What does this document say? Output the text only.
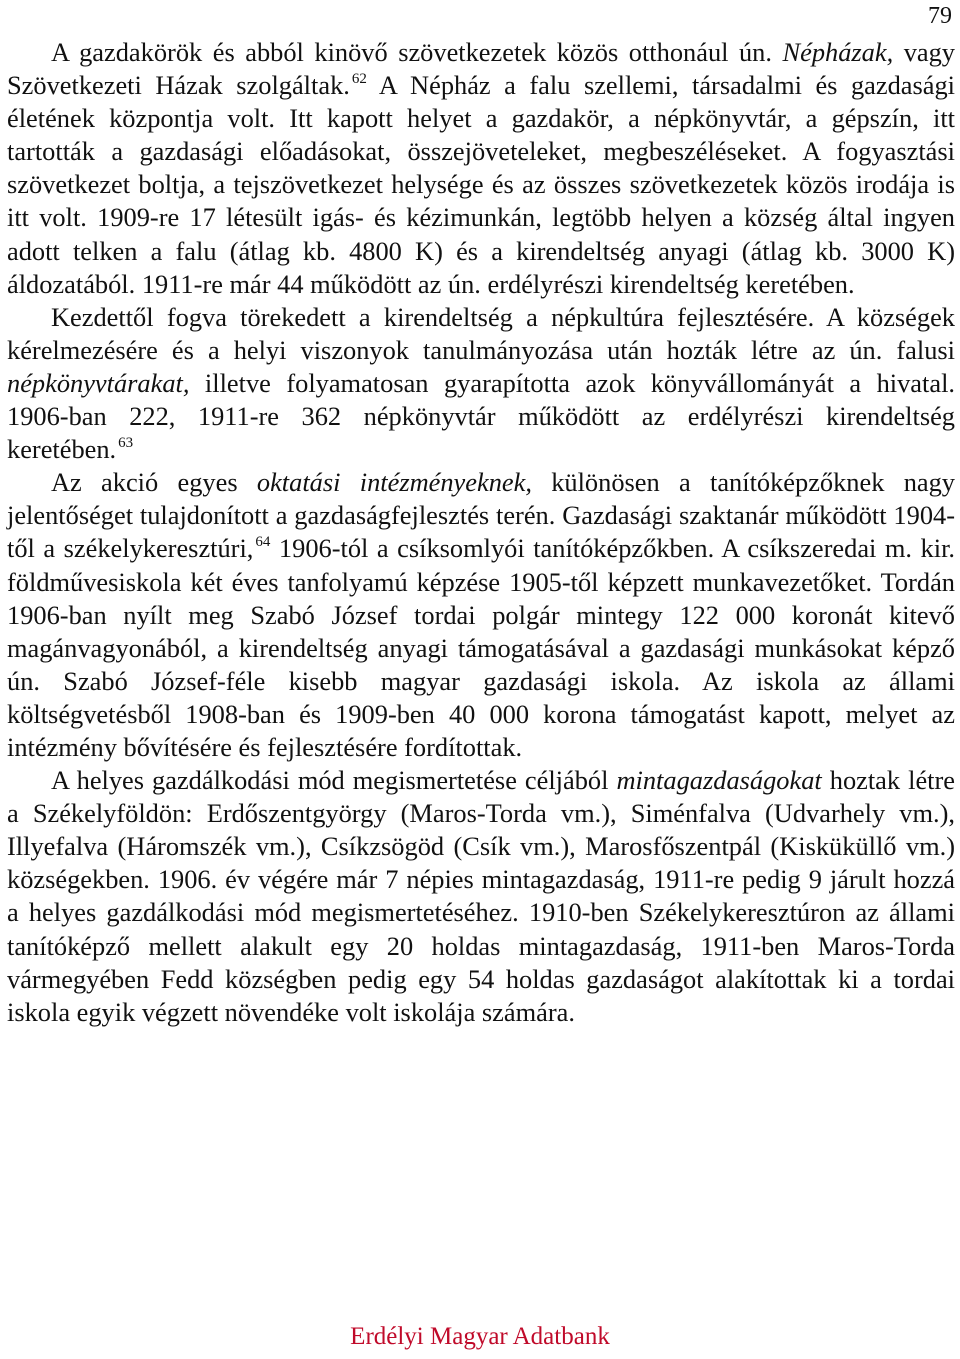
79

A gazdakörök és abból kinövő szövetkezetek közös otthonául ún. Népházak, vagy Szövetkezeti Házak szolgáltak. $^{62}$ A Népház a falu szellemi, társadalmi és gazdasági életének központja volt. Itt kapott helyet a gazdakör, a népkönyvtár, a gépszín, itt tartották a gazdasági előadásokat, összejöveteleket, megbeszéléseket. A fogyasztási szövetkezet boltja, a tejszövetkezet helysége és az összes szövetkezetek közös irodája is itt volt. 1909-re 17 létesült igás- és kézimunkán, legtöbb helyen a község által ingyen adott telken a falu (átlag kb. 4800 K) és a kirendeltség anyagi (átlag kb. 3000 K) áldozatából. 1911-re már 44 működött az ún. erdélyrészi kirendeltség keretében.

Kezdettől fogva törekedett a kirendeltség a népkultúra fejlesztésére. A községek kérelmezésére és a helyi viszonyok tanulmányozása után hozták létre az ún. falusi népkönyvtárakat, illetve folyamatosan gyarapította azok könyvállományát a hivatal. 1906-ban 222, 1911-re 362 népkönyvtár működött az erdélyrészi kirendeltség keretében. $^{63}$

Az akció egyes oktatási intézményeknek, különösen a tanítóképzőknek nagy jelentőséget tulajdonított a gazdaságfejlesztés terén. Gazdasági szaktanár működött 1904-től a székelykeresztúri, $^{64}$ 1906-tól a csíksomlyói tanítóképzőkben. A csíkszeredai m. kir. földművesiskola két éves tanfolyamú képzése 1905-től képzett munkavezetőket. Tordán 1906-ban nyílt meg Szabó József tordai polgár mintegy 122 000 koronát kitevő magánvagyonából, a kirendeltség anyagi támogatásával a gazdasági munkásokat képző ún. Szabó József-féle kisebb magyar gazdasági iskola. Az iskola az állami költségvetésből 1908-ban és 1909-ben 40 000 korona támogatást kapott, melyet az intézmény bővítésére és fejlesztésére fordítottak.

A helyes gazdálkodási mód megismertetése céljából mintagazdaságokat hoztak létre a Székelyföldön: Erdőszentgyörgy (Maros-Torda vm.), Siménfalva (Udvarhely vm.), Illyefalva (Háromszék vm.), Csíkzsögöd (Csík vm.), Marosfőszentpál (Kisküküllő vm.) községekben. 1906. év végére már 7 népies mintagazdaság, 1911-re pedig 9 járult hozzá a helyes gazdálkodási mód megismertetéséhez. 1910-ben Székelykeresztúron az állami tanítóképző mellett alakult egy 20 holdas mintagazdaság, 1911-ben Maros-Torda vármegyében Fedd községben pedig egy 54 holdas gazdaságot alakítottak ki a tordai iskola egyik végzett növendéke volt iskolája számára.

Erdélyi Magyar Adatbank
